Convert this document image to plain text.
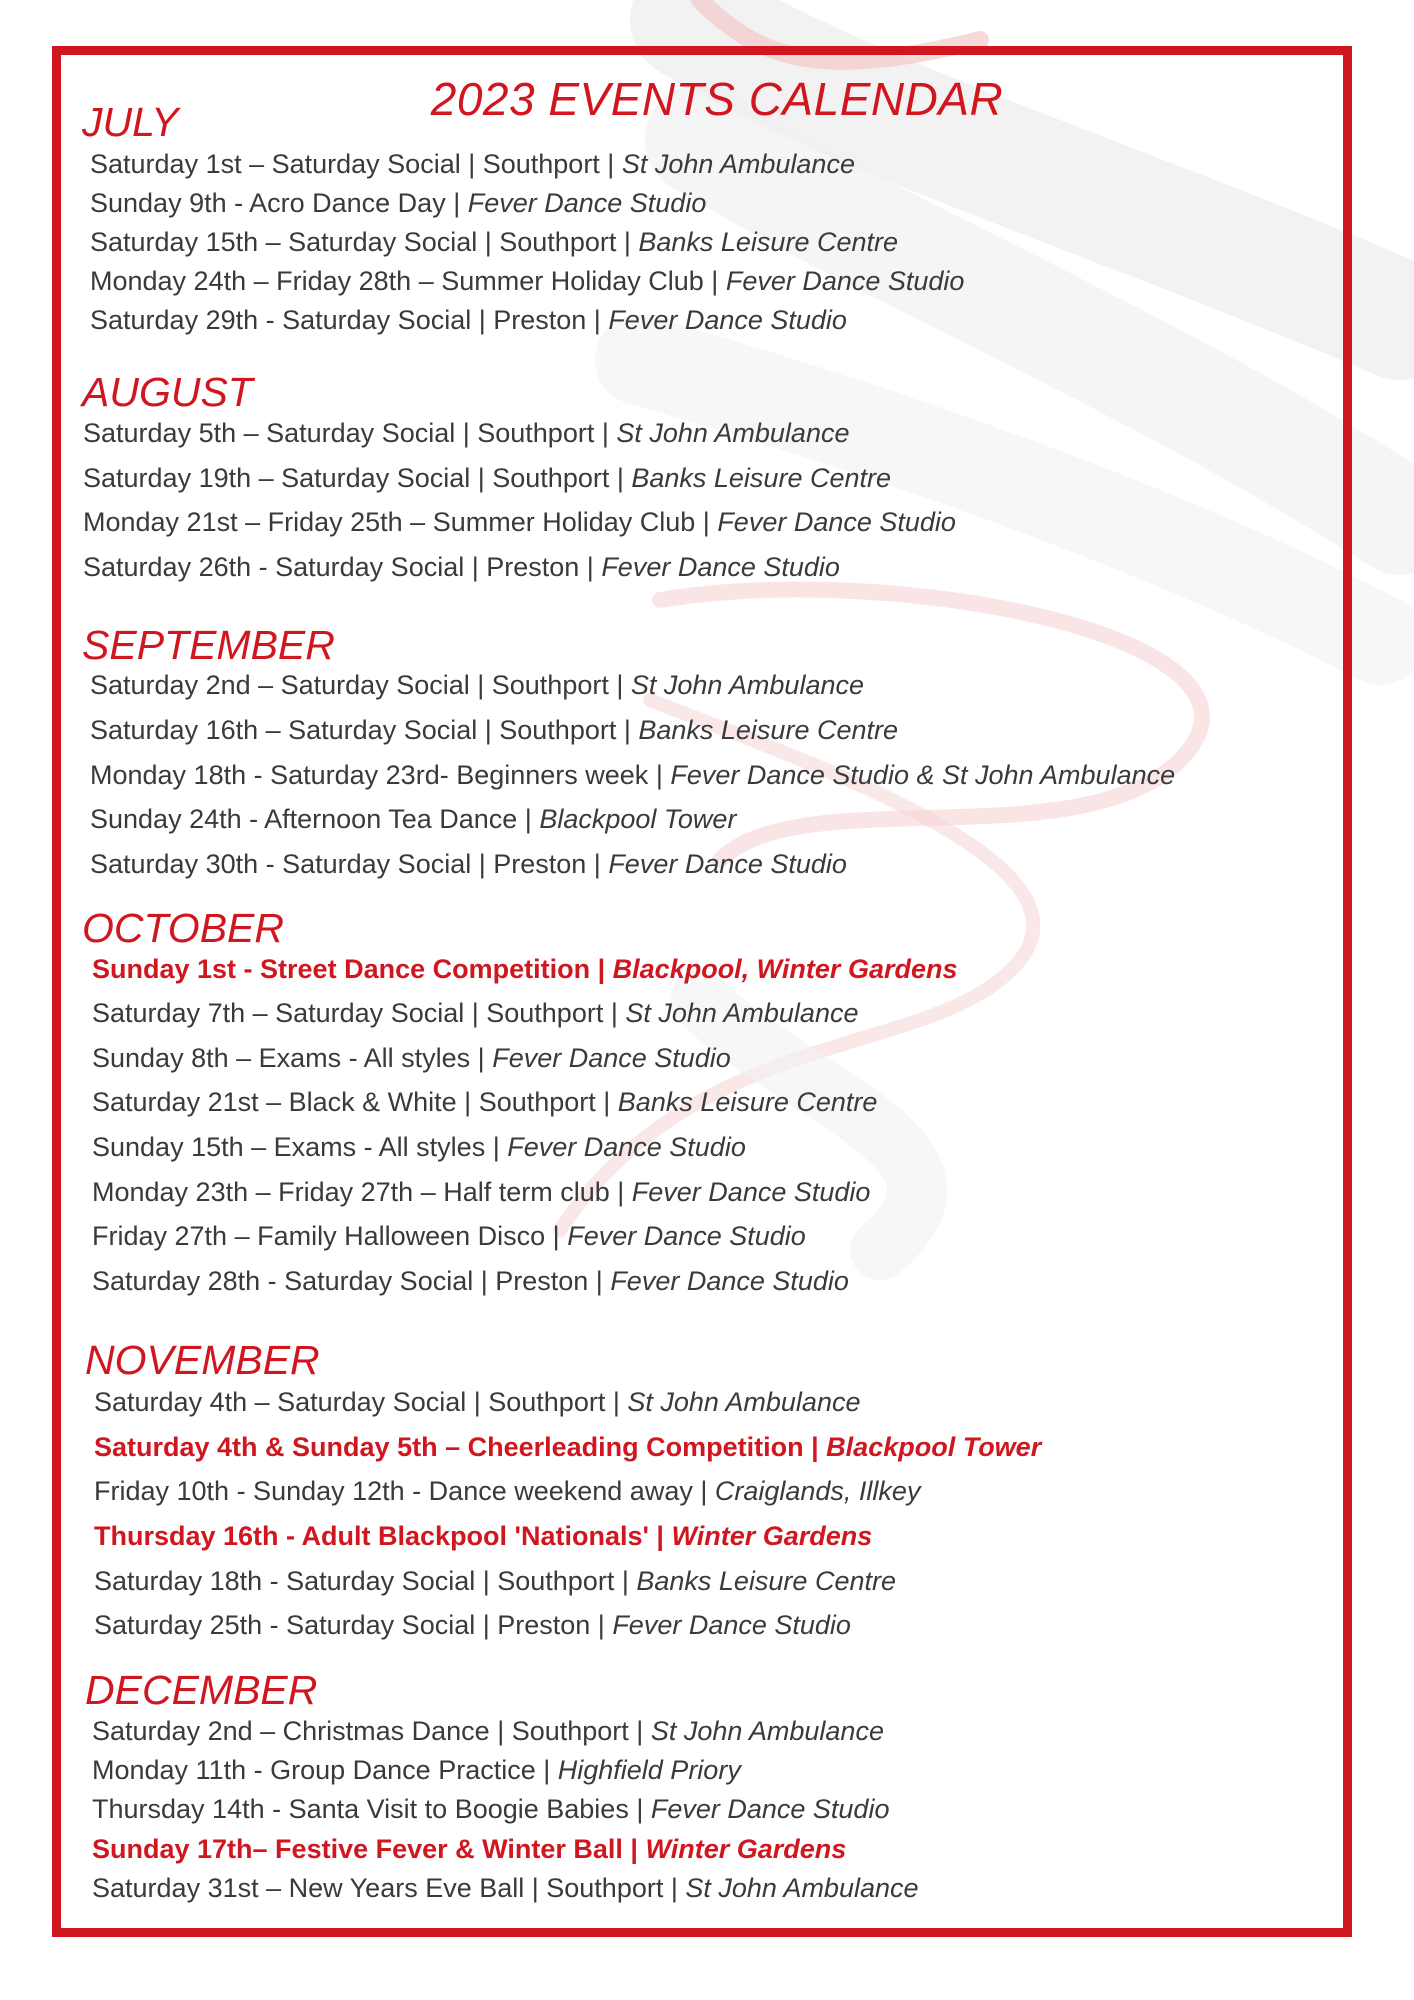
2023 EVENTS CALENDAR
JULY
Saturday 1st – Saturday Social | Southport | St John Ambulance
Sunday 9th - Acro Dance Day | Fever Dance Studio
Saturday 15th – Saturday Social | Southport | Banks Leisure Centre
Monday 24th – Friday 28th – Summer Holiday Club | Fever Dance Studio
Saturday 29th - Saturday Social | Preston | Fever Dance Studio
AUGUST
Saturday 5th – Saturday Social | Southport | St John Ambulance
Saturday 19th – Saturday Social | Southport | Banks Leisure Centre
Monday 21st – Friday 25th – Summer Holiday Club | Fever Dance Studio
Saturday 26th - Saturday Social | Preston | Fever Dance Studio
SEPTEMBER
Saturday 2nd – Saturday Social | Southport | St John Ambulance
Saturday 16th – Saturday Social | Southport | Banks Leisure Centre
Monday 18th - Saturday 23rd- Beginners week | Fever Dance Studio & St John Ambulance
Sunday 24th - Afternoon Tea Dance | Blackpool Tower
Saturday 30th - Saturday Social | Preston | Fever Dance Studio
OCTOBER
Sunday 1st - Street Dance Competition | Blackpool, Winter Gardens
Saturday 7th – Saturday Social | Southport | St John Ambulance
Sunday 8th – Exams - All styles | Fever Dance Studio
Saturday 21st – Black & White | Southport | Banks Leisure Centre
Sunday 15th – Exams - All styles | Fever Dance Studio
Monday 23th – Friday 27th – Half term club | Fever Dance Studio
Friday 27th – Family Halloween Disco | Fever Dance Studio
Saturday 28th - Saturday Social | Preston | Fever Dance Studio
NOVEMBER
Saturday 4th – Saturday Social | Southport | St John Ambulance
Saturday 4th & Sunday 5th – Cheerleading Competition | Blackpool Tower
Friday 10th - Sunday 12th - Dance weekend away | Craiglands, Illkey
Thursday 16th - Adult Blackpool 'Nationals' | Winter Gardens
Saturday 18th - Saturday Social | Southport | Banks Leisure Centre
Saturday 25th - Saturday Social | Preston | Fever Dance Studio
DECEMBER
Saturday 2nd – Christmas Dance | Southport | St John Ambulance
Monday 11th - Group Dance Practice | Highfield Priory
Thursday 14th - Santa Visit to Boogie Babies | Fever Dance Studio
Sunday 17th– Festive Fever & Winter Ball | Winter Gardens
Saturday 31st – New Years Eve Ball | Southport | St John Ambulance
